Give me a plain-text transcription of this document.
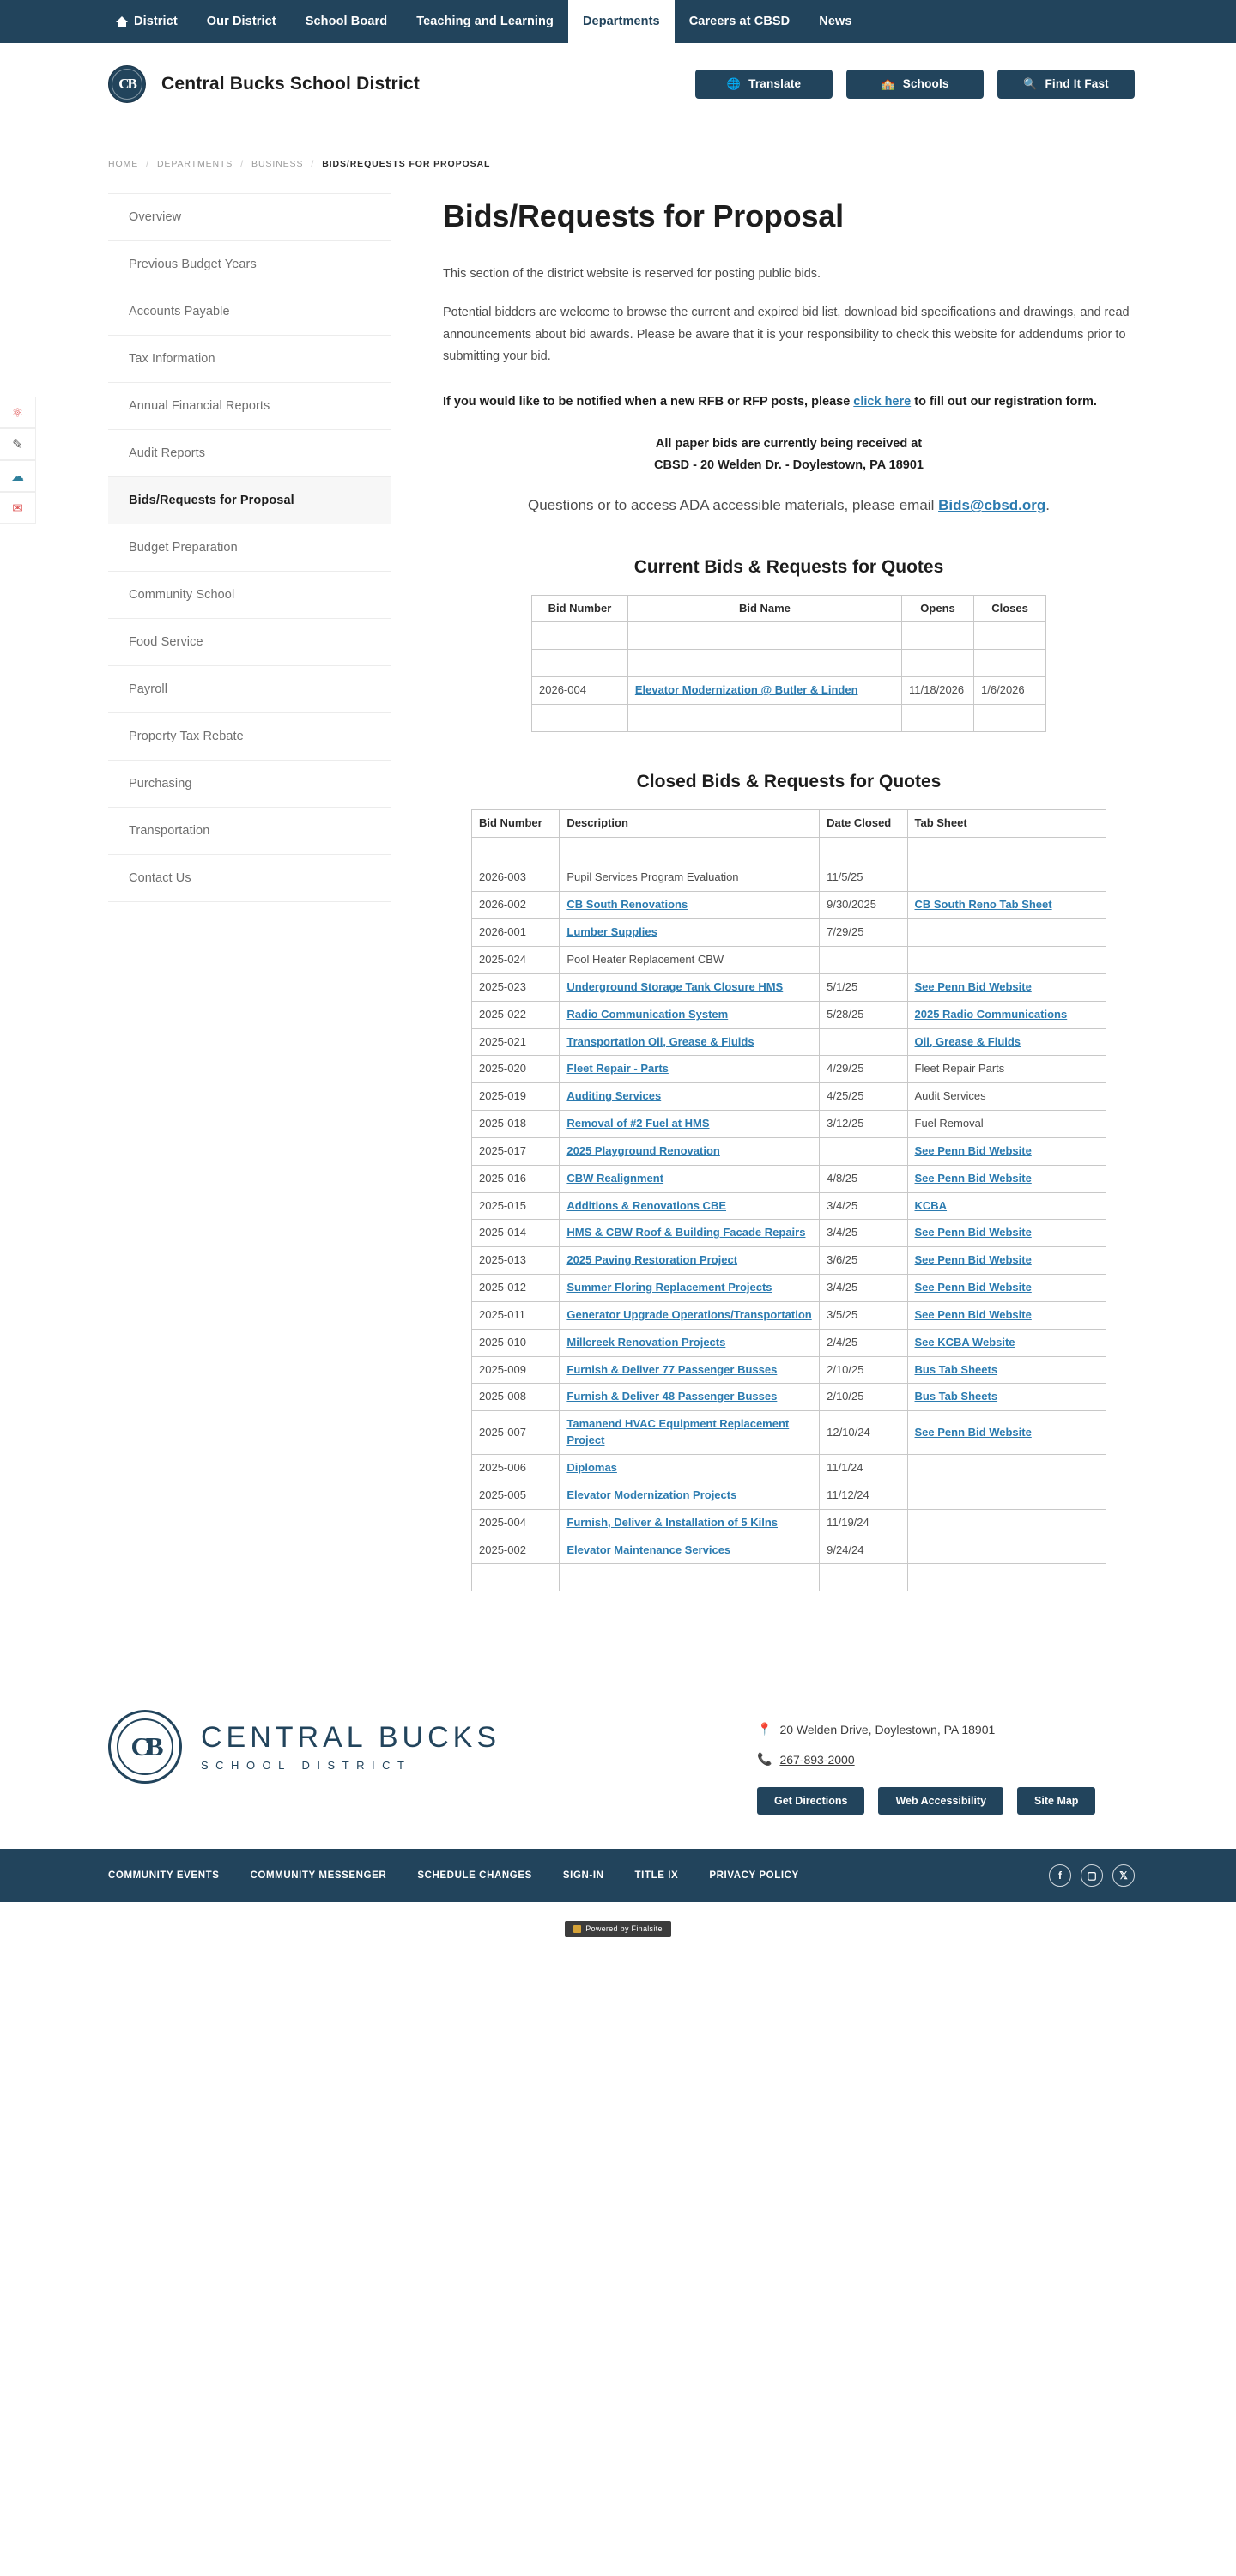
District Our District School Board Teaching and Learning Departments Careers at CBSD News
CB	Central Bucks School District	🌐 Translate	🏫 Schools	🔍 Find It Fast
⚛
✎
☁
✉
HOME / DEPARTMENTS / BUSINESS / BIDS/REQUESTS FOR PROPOSAL
Overview
Previous Budget Years
Accounts Payable
Tax Information
Annual Financial Reports
Audit Reports
Bids/Requests for Proposal
Budget Preparation
Community School
Food Service
Payroll
Property Tax Rebate
Purchasing
Transportation
Contact Us
Bids/Requests for Proposal

This section of the district website is reserved for posting public bids.

Potential bidders are welcome to browse the current and expired bid list, download bid specifications and drawings, and read announcements about bid awards. Please be aware that it is your responsibility to check this website for addendums prior to submitting your bid.

If you would like to be notified when a new RFB or RFP posts, please click here to fill out our registration form.

All paper bids are currently being received at
CBSD - 20 Welden Dr. - Doylestown, PA 18901

Questions or to access ADA accessible materials, please email Bids@cbsd.org.

Current Bids & Requests for Quotes
Bid Number	Bid Name	Opens	Closes

2026-004	Elevator Modernization @ Butler & Linden	11/18/2026	1/6/2026

Closed Bids & Requests for Quotes
Bid Number	Description	Date Closed	Tab Sheet

2026-003	Pupil Services Program Evaluation	11/5/25	
2026-002	CB South Renovations	9/30/2025	CB South Reno Tab Sheet
2026-001	Lumber Supplies	7/29/25	
2025-024	Pool Heater Replacement CBW		
2025-023	Underground Storage Tank Closure HMS	5/1/25	See Penn Bid Website
2025-022	Radio Communication System	5/28/25	2025 Radio Communications
2025-021	Transportation Oil, Grease & Fluids		Oil, Grease & Fluids
2025-020	Fleet Repair - Parts	4/29/25	Fleet Repair Parts
2025-019	Auditing Services	4/25/25	Audit Services
2025-018	Removal of #2 Fuel at HMS	3/12/25	Fuel Removal
2025-017	2025 Playground Renovation		See Penn Bid Website
2025-016	CBW Realignment	4/8/25	See Penn Bid Website
2025-015	Additions & Renovations CBE	3/4/25	KCBA
2025-014	HMS & CBW Roof & Building Facade Repairs	3/4/25	See Penn Bid Website
2025-013	2025 Paving Restoration Project	3/6/25	See Penn Bid Website
2025-012	Summer Floring Replacement Projects	3/4/25	See Penn Bid Website
2025-011	Generator Upgrade Operations/Transportation	3/5/25	See Penn Bid Website
2025-010	Millcreek Renovation Projects	2/4/25	See KCBA Website
2025-009	Furnish & Deliver 77 Passenger Busses	2/10/25	Bus Tab Sheets
2025-008	Furnish & Deliver 48 Passenger Busses	2/10/25	Bus Tab Sheets
2025-007	Tamanend HVAC Equipment Replacement Project	12/10/24	See Penn Bid Website
2025-006	Diplomas	11/1/24	
2025-005	Elevator Modernization Projects	11/12/24	
2025-004	Furnish, Deliver & Installation of 5 Kilns	11/19/24	
2025-002	Elevator Maintenance Services	9/24/24	

CB	CENTRAL BUCKS
SCHOOL DISTRICT
📍 20 Welden Drive, Doylestown, PA 18901
📞 267-893-2000
Get Directions	Web Accessibility	Site Map
COMMUNITY EVENTS	COMMUNITY MESSENGER	SCHEDULE CHANGES	SIGN-IN	TITLE IX	PRIVACY POLICY	f	▢	𝕏
Powered by Finalsite
